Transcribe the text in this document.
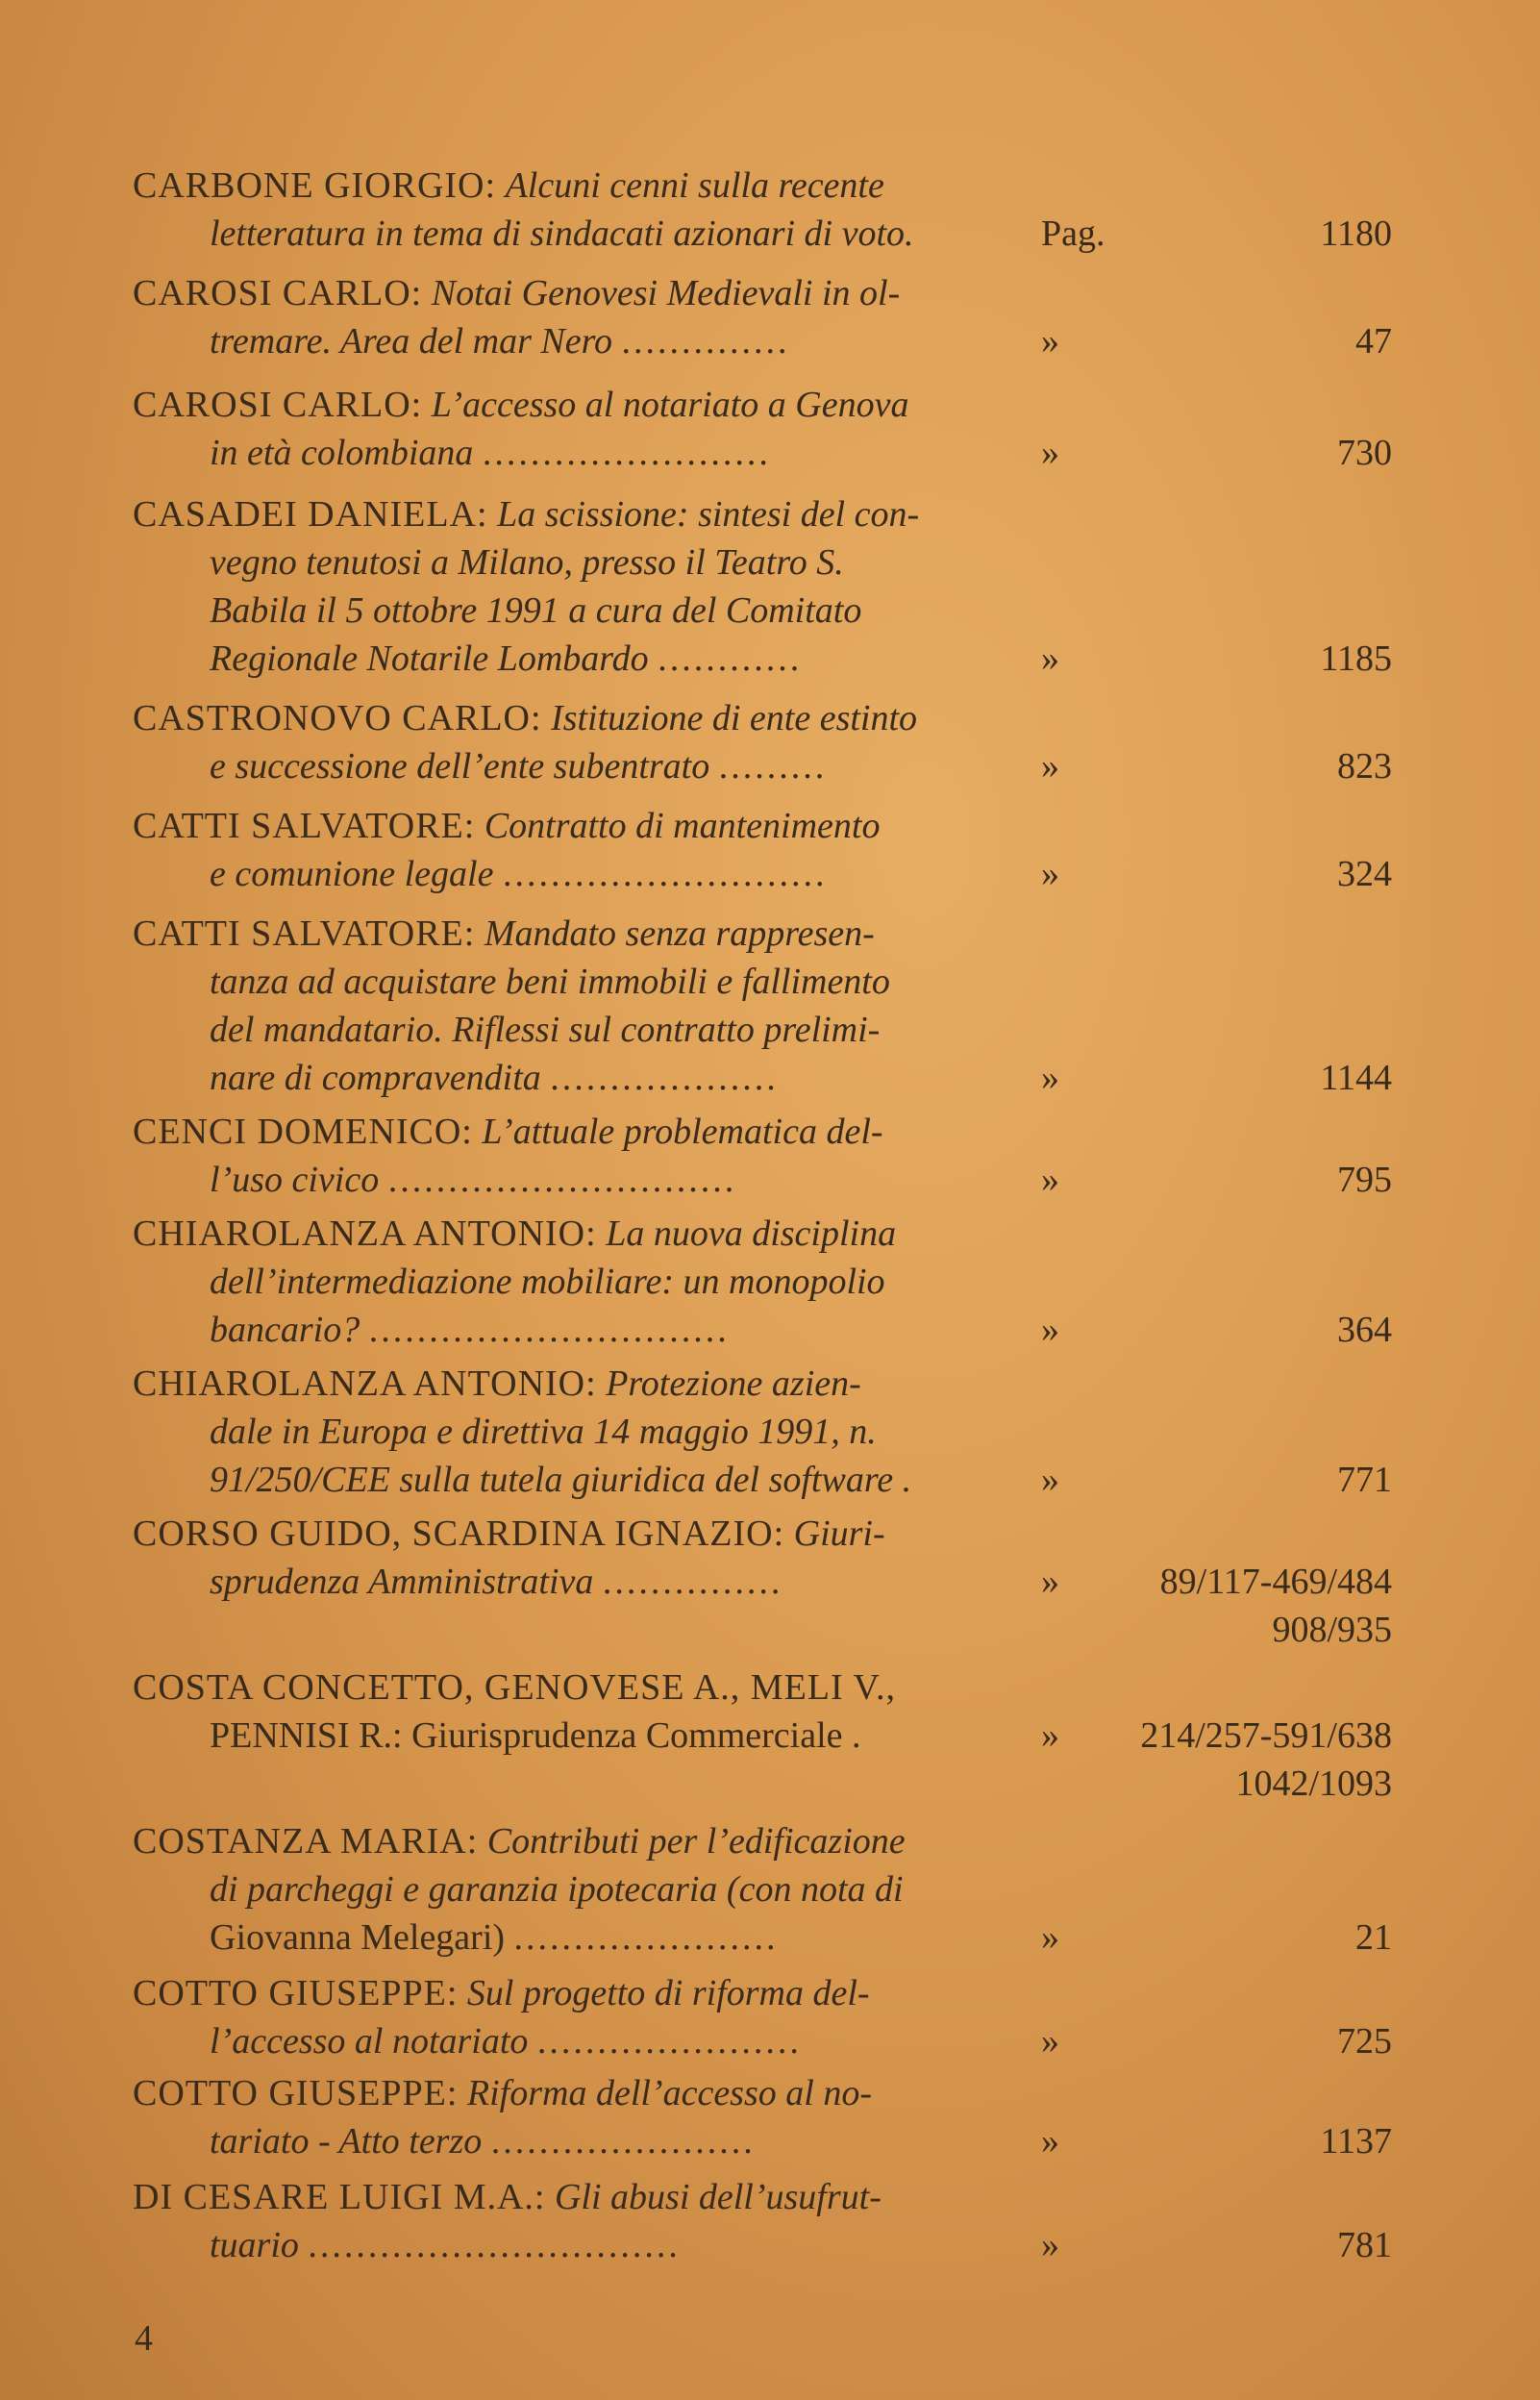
CARBONE GIORGIO: Alcuni cenni sulla recente
letteratura in tema di sindacati azionari di voto.	Pag.	1180
CAROSI CARLO: Notai Genovesi Medievali in ol-
tremare. Area del mar Nero ..............	»	47
CAROSI CARLO: L’accesso al notariato a Genova
in età colombiana ........................	»	730
CASADEI DANIELA: La scissione: sintesi del con-
vegno tenutosi a Milano, presso il Teatro S.
Babila il 5 ottobre 1991 a cura del Comitato
Regionale Notarile Lombardo ............	»	1185
CASTRONOVO CARLO: Istituzione di ente estinto
e successione dell’ente subentrato .........	»	823
CATTI SALVATORE: Contratto di mantenimento
e comunione legale ...........................	»	324
CATTI SALVATORE: Mandato senza rappresen-
tanza ad acquistare beni immobili e fallimento
del mandatario. Riflessi sul contratto prelimi-
nare di compravendita ...................	»	1144
CENCI DOMENICO: L’attuale problematica del-
l’uso civico .............................	»	795
CHIAROLANZA ANTONIO: La nuova disciplina
dell’intermediazione mobiliare: un monopolio
bancario? ..............................	»	364
CHIAROLANZA ANTONIO: Protezione azien-
dale in Europa e direttiva 14 maggio 1991, n.
91/250/CEE sulla tutela giuridica del software .	»	771
CORSO GUIDO, SCARDINA IGNAZIO: Giuri-
sprudenza Amministrativa ...............	»	89/117-469/484
908/935
COSTA CONCETTO, GENOVESE A., MELI V.,
PENNISI R.: Giurisprudenza Commerciale .	»	214/257-591/638
1042/1093
COSTANZA MARIA: Contributi per l’edificazione
di parcheggi e garanzia ipotecaria (con nota di
Giovanna Melegari) ......................	»	21
COTTO GIUSEPPE: Sul progetto di riforma del-
l’accesso al notariato ......................	»	725
COTTO GIUSEPPE: Riforma dell’accesso al no-
tariato - Atto terzo ......................	»	1137
DI CESARE LUIGI M.A.: Gli abusi dell’usufrut-
tuario ...............................	»	781
4
